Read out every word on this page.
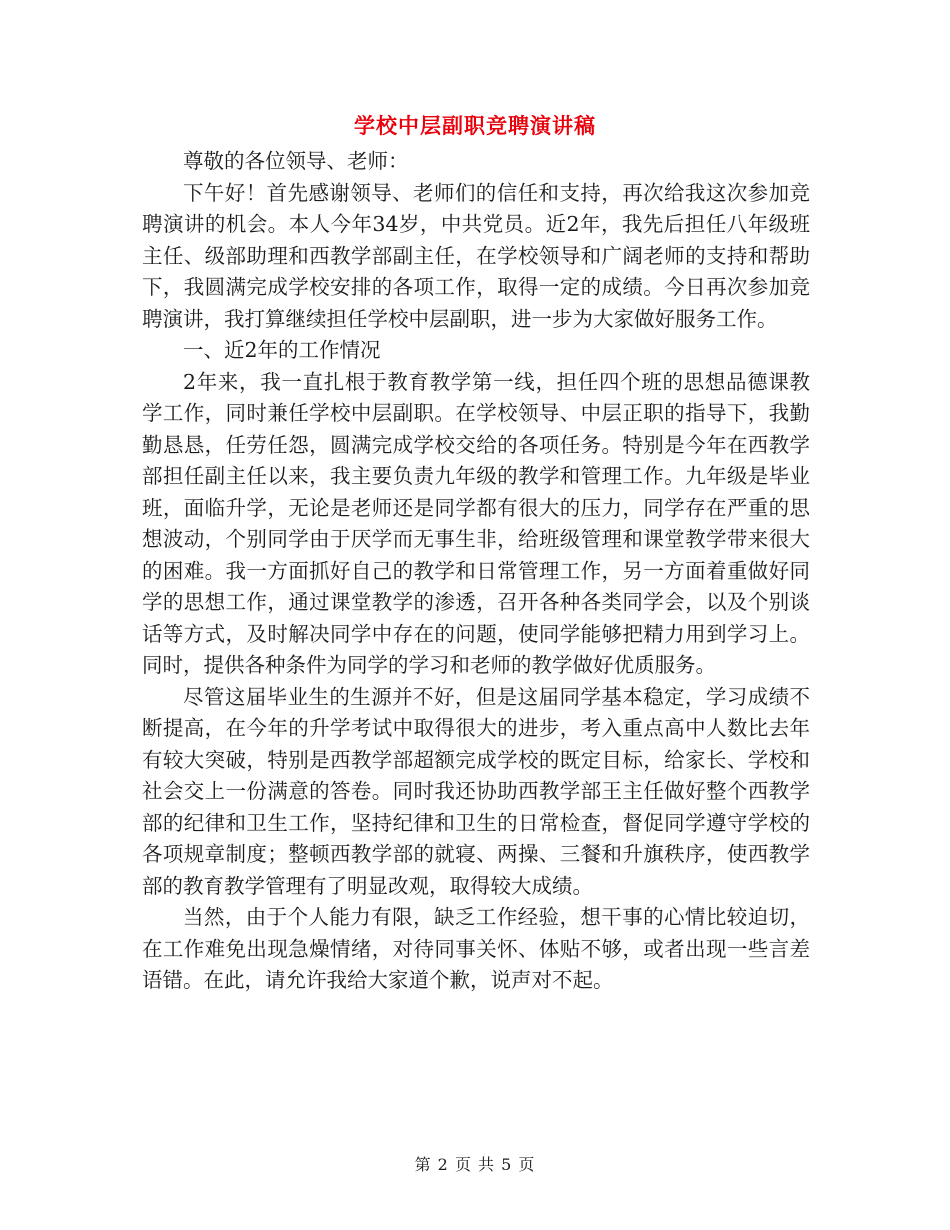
学校中层副职竞聘演讲稿

尊敬的各位领导、老师：

下午好！首先感谢领导、老师们的信任和支持，再次给我这次参加竞聘演讲的机会。本人今年34岁，中共党员。近2年，我先后担任八年级班主任、级部助理和西教学部副主任，在学校领导和广阔老师的支持和帮助下，我圆满完成学校安排的各项工作，取得一定的成绩。今日再次参加竞聘演讲，我打算继续担任学校中层副职，进一步为大家做好服务工作。

一、近2年的工作情况

2年来，我一直扎根于教育教学第一线，担任四个班的思想品德课教学工作，同时兼任学校中层副职。在学校领导、中层正职的指导下，我勤勤恳恳，任劳任怨，圆满完成学校交给的各项任务。特别是今年在西教学部担任副主任以来，我主要负责九年级的教学和管理工作。九年级是毕业班，面临升学，无论是老师还是同学都有很大的压力，同学存在严重的思想波动，个别同学由于厌学而无事生非，给班级管理和课堂教学带来很大的困难。我一方面抓好自己的教学和日常管理工作，另一方面着重做好同学的思想工作，通过课堂教学的渗透，召开各种各类同学会，以及个别谈话等方式，及时解决同学中存在的问题，使同学能够把精力用到学习上。同时，提供各种条件为同学的学习和老师的教学做好优质服务。

尽管这届毕业生的生源并不好，但是这届同学基本稳定，学习成绩不断提高，在今年的升学考试中取得很大的进步，考入重点高中人数比去年有较大突破，特别是西教学部超额完成学校的既定目标，给家长、学校和社会交上一份满意的答卷。同时我还协助西教学部王主任做好整个西教学部的纪律和卫生工作，坚持纪律和卫生的日常检查，督促同学遵守学校的各项规章制度；整顿西教学部的就寝、两操、三餐和升旗秩序，使西教学部的教育教学管理有了明显改观，取得较大成绩。

当然，由于个人能力有限，缺乏工作经验，想干事的心情比较迫切，在工作难免出现急燥情绪，对待同事关怀、体贴不够，或者出现一些言差语错。在此，请允许我给大家道个歉，说声对不起。

第 2 页 共 5 页
